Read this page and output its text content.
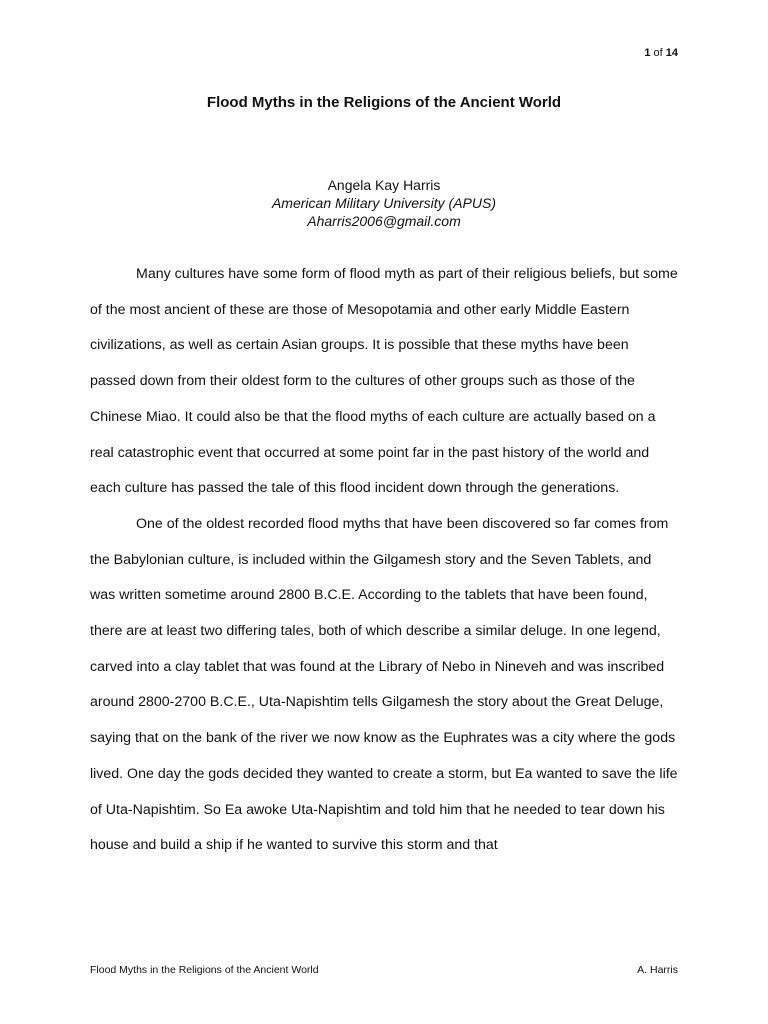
1 of 14
Flood Myths in the Religions of the Ancient World
Angela Kay Harris
American Military University (APUS)
Aharris2006@gmail.com

Many cultures have some form of flood myth as part of their religious beliefs, but some of the most ancient of these are those of Mesopotamia and other early Middle Eastern civilizations, as well as certain Asian groups. It is possible that these myths have been passed down from their oldest form to the cultures of other groups such as those of the Chinese Miao. It could also be that the flood myths of each culture are actually based on a real catastrophic event that occurred at some point far in the past history of the world and each culture has passed the tale of this flood incident down through the generations.

One of the oldest recorded flood myths that have been discovered so far comes from the Babylonian culture, is included within the Gilgamesh story and the Seven Tablets, and was written sometime around 2800 B.C.E. According to the tablets that have been found, there are at least two differing tales, both of which describe a similar deluge. In one legend, carved into a clay tablet that was found at the Library of Nebo in Nineveh and was inscribed around 2800-2700 B.C.E., Uta-Napishtim tells Gilgamesh the story about the Great Deluge, saying that on the bank of the river we now know as the Euphrates was a city where the gods lived. One day the gods decided they wanted to create a storm, but Ea wanted to save the life of Uta-Napishtim. So Ea awoke Uta-Napishtim and told him that he needed to tear down his house and build a ship if he wanted to survive this storm and that

Flood Myths in the Religions of the Ancient World	A. Harris
